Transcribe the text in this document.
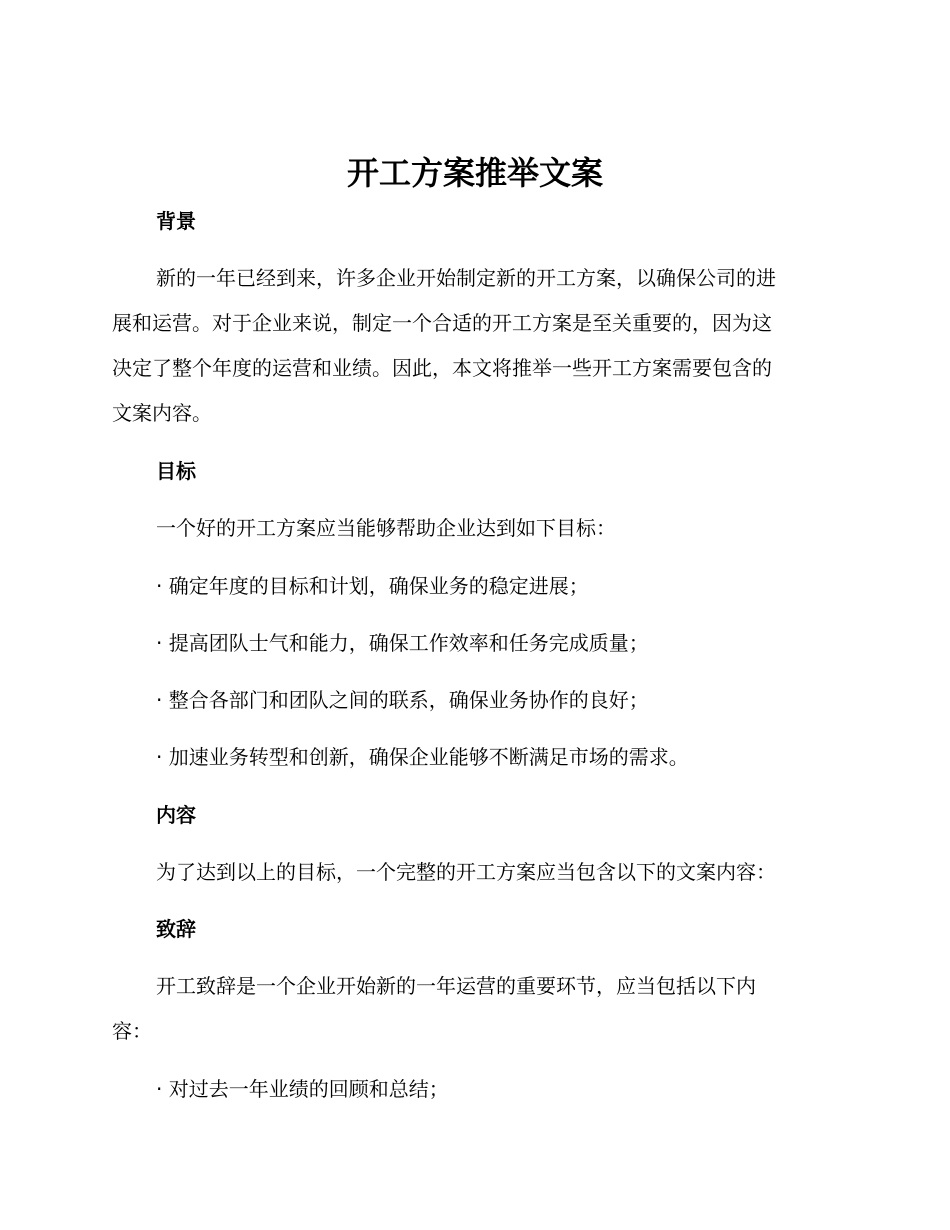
开工方案推举文案
背景
新的一年已经到来，许多企业开始制定新的开工方案，以确保公司的进
展和运营。对于企业来说，制定一个合适的开工方案是至关重要的，因为这
决定了整个年度的运营和业绩。因此，本文将推举一些开工方案需要包含的
文案内容。
目标
一个好的开工方案应当能够帮助企业达到如下目标：
· 确定年度的目标和计划，确保业务的稳定进展；
· 提高团队士气和能力，确保工作效率和任务完成质量；
· 整合各部门和团队之间的联系，确保业务协作的良好；
· 加速业务转型和创新，确保企业能够不断满足市场的需求。
内容
为了达到以上的目标，一个完整的开工方案应当包含以下的文案内容：
致辞
开工致辞是一个企业开始新的一年运营的重要环节，应当包括以下内
容：
· 对过去一年业绩的回顾和总结；
